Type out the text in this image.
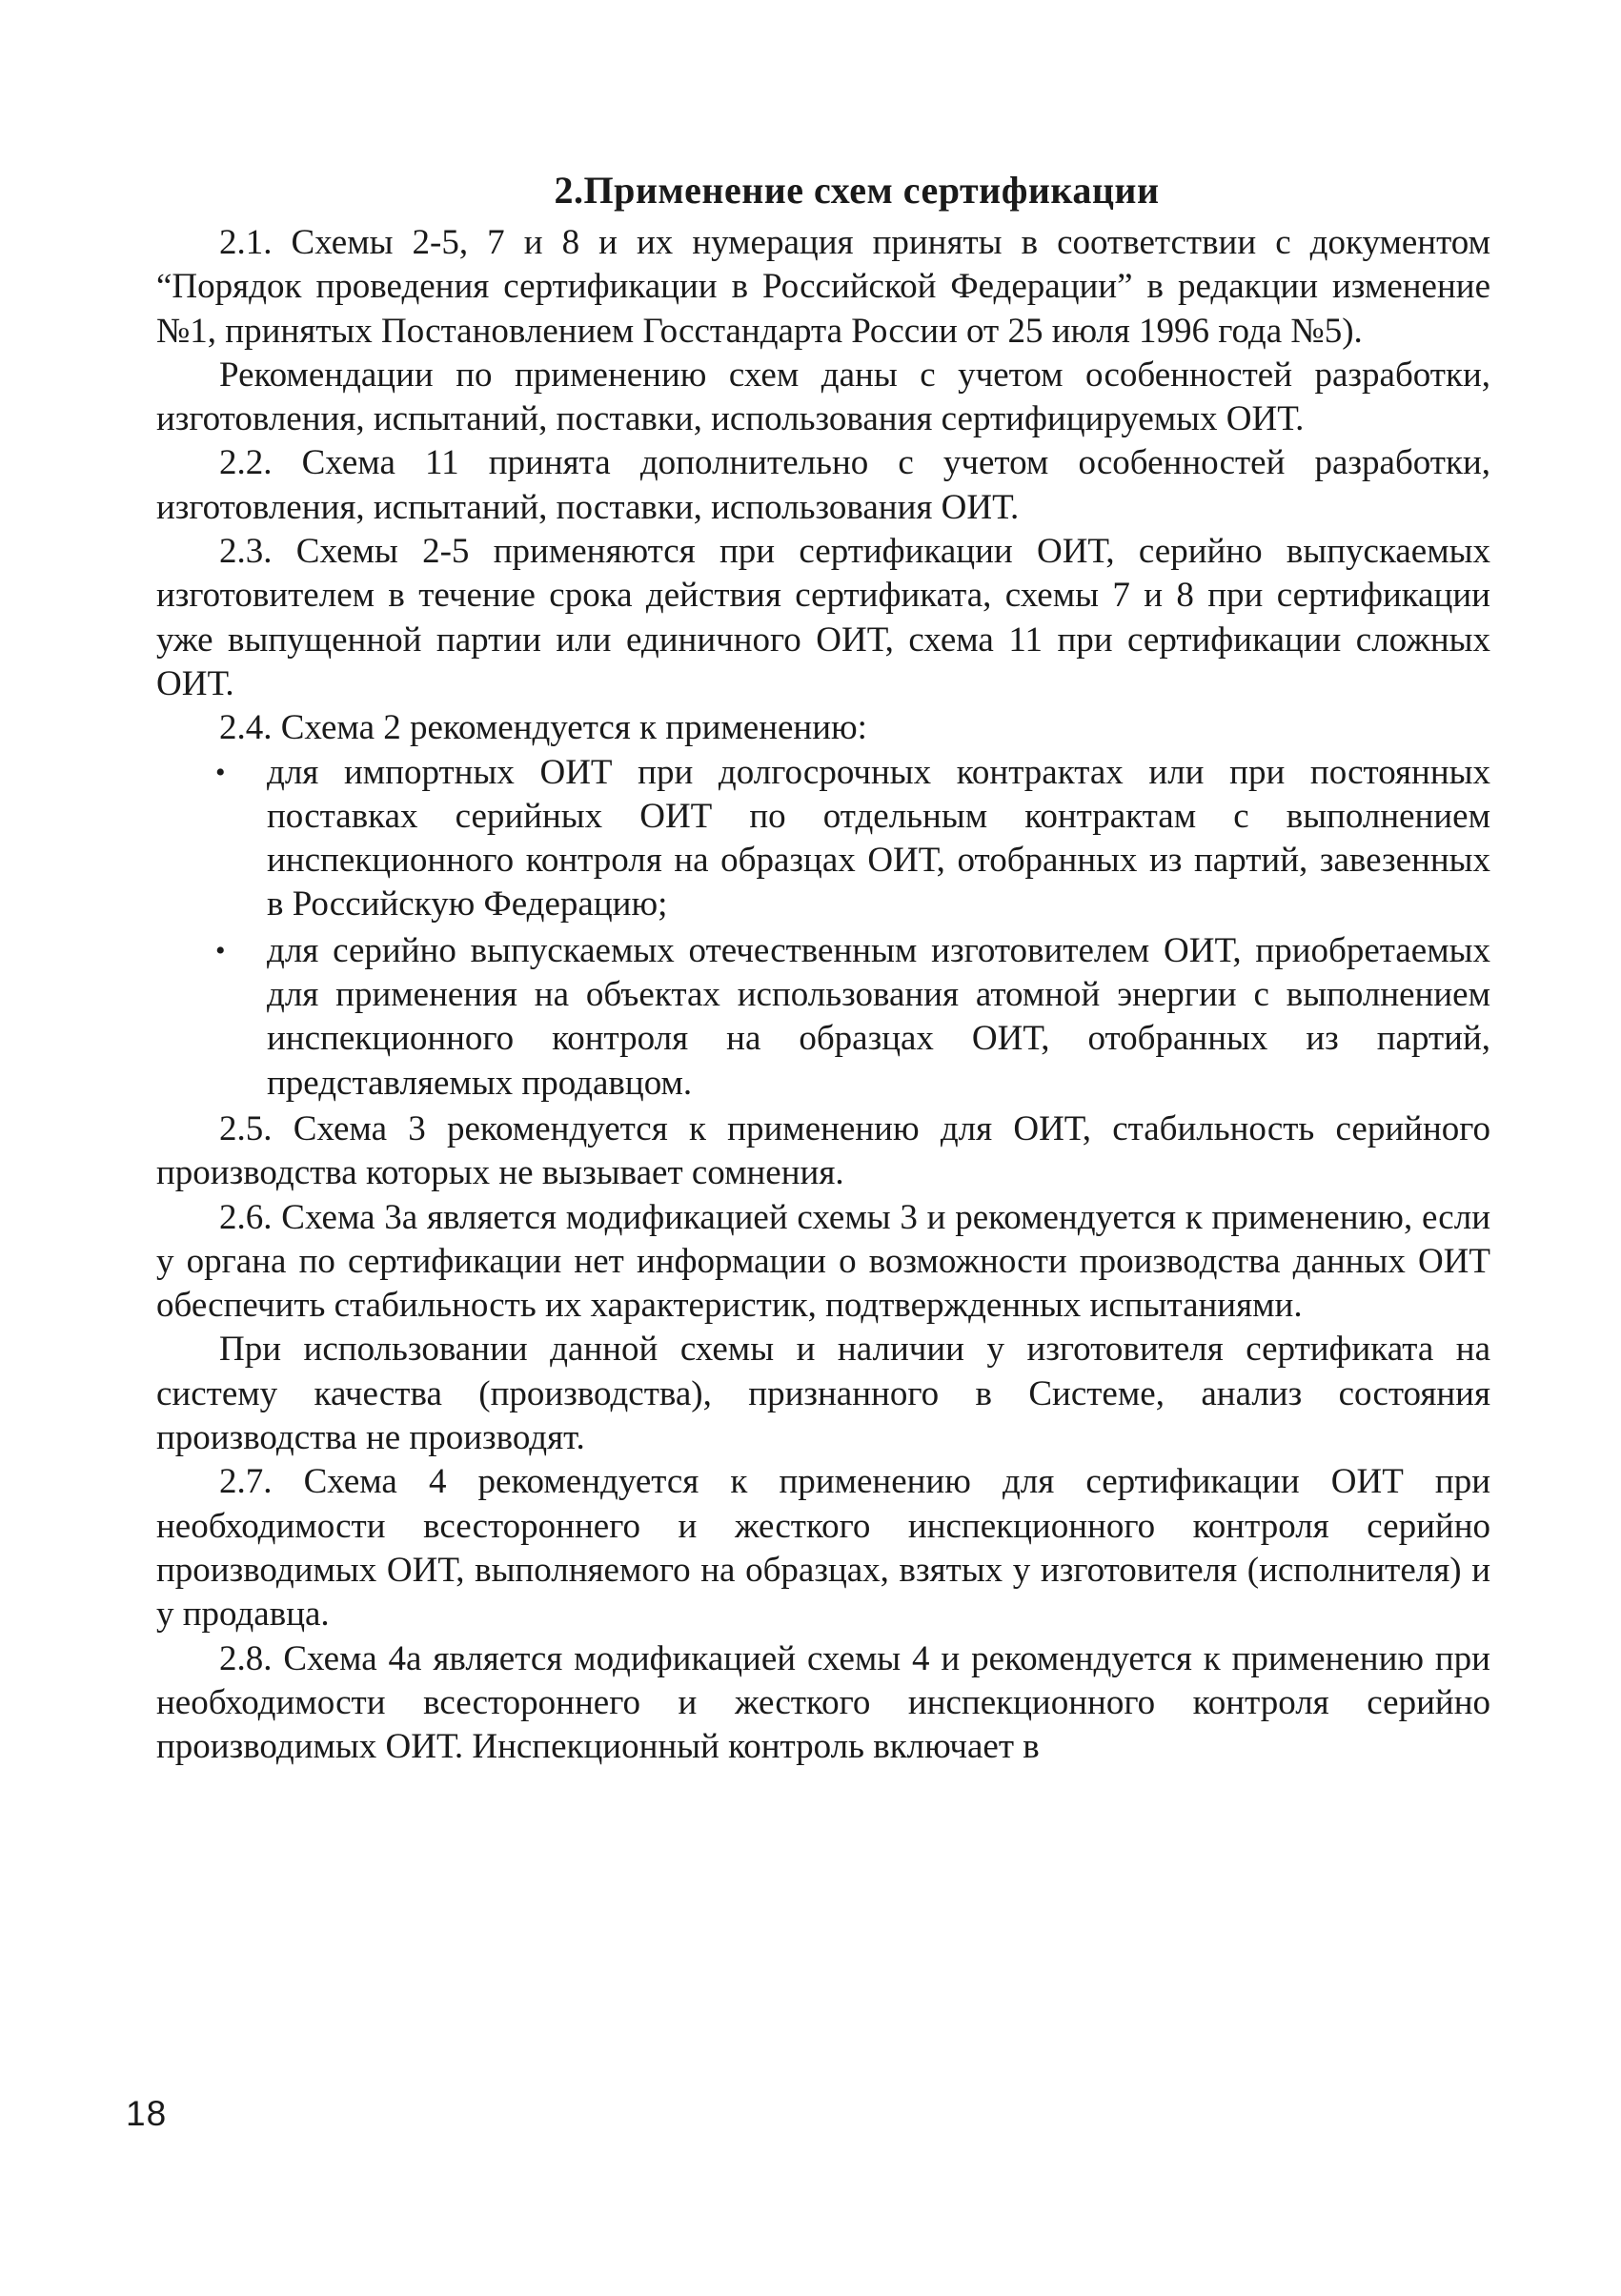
2.Применение схем сертификации

2.1. Схемы 2-5, 7 и 8 и их нумерация приняты в соответствии с документом “Порядок проведения сертификации в Российской Федерации” в редакции изменение №1, принятых Постановлением Госстандарта России от 25 июля 1996 года №5).

Рекомендации по применению схем даны с учетом особенностей разработки, изготовления, испытаний, поставки, использования сертифицируемых ОИТ.

2.2. Схема 11 принята дополнительно с учетом особенностей разработки, изготовления, испытаний, поставки, использования ОИТ.

2.3. Схемы 2-5 применяются при сертификации ОИТ, серийно выпускаемых изготовителем в течение срока действия сертификата, схемы 7 и 8 при сертификации уже выпущенной партии или единичного ОИТ, схема 11 при сертификации сложных ОИТ.

2.4. Схема 2 рекомендуется к применению:

• для импортных ОИТ при долгосрочных контрактах или при постоянных поставках серийных ОИТ по отдельным контрактам с выполнением инспекционного контроля на образцах ОИТ, отобранных из партий, завезенных в Российскую Федерацию;
• для серийно выпускаемых отечественным изготовителем ОИТ, приобретаемых для применения на объектах использования атомной энергии с выполнением инспекционного контроля на образцах ОИТ, отобранных из партий, представляемых продавцом.

2.5. Схема 3 рекомендуется к применению для ОИТ, стабильность серийного производства которых не вызывает сомнения.

2.6. Схема 3а является модификацией схемы 3 и рекомендуется к применению, если у органа по сертификации нет информации о возможности производства данных ОИТ обеспечить стабильность их характеристик, подтвержденных испытаниями.

При использовании данной схемы и наличии у изготовителя сертификата на систему качества (производства), признанного в Системе, анализ состояния производства не производят.

2.7. Схема 4 рекомендуется к применению для сертификации ОИТ при необходимости всестороннего и жесткого инспекционного контроля серийно производимых ОИТ, выполняемого на образцах, взятых у изготовителя (исполнителя) и у продавца.

2.8. Схема 4а является модификацией схемы 4 и рекомендуется к применению при необходимости всестороннего и жесткого инспекционного контроля серийно производимых ОИТ. Инспекционный контроль включает в

18
